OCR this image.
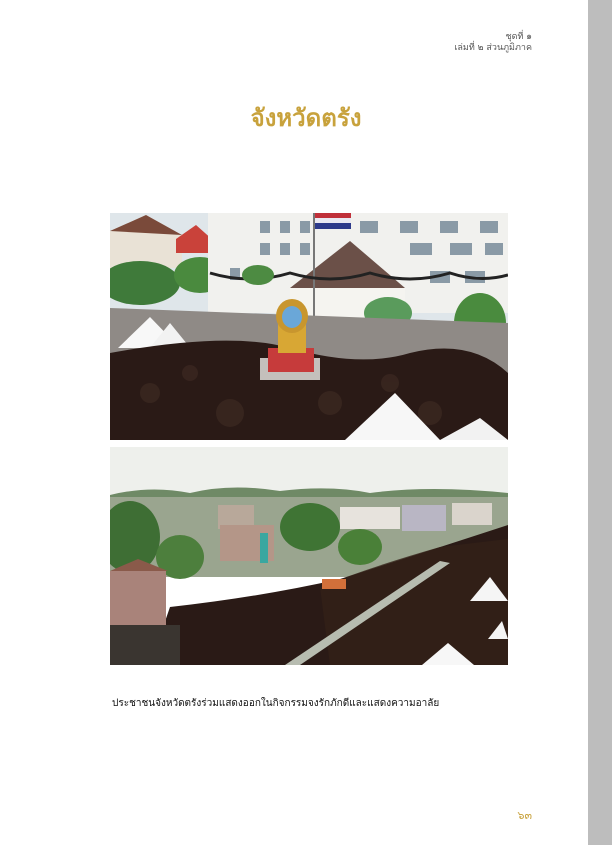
ชุดที่ ๑
เล่มที่ ๒ ส่วนภูมิภาค
จังหวัดตรัง
ประชาชนจังหวัดตรังร่วมแสดงออกในกิจกรรมจงรักภักดีและแสดงความอาลัย
๖๓
